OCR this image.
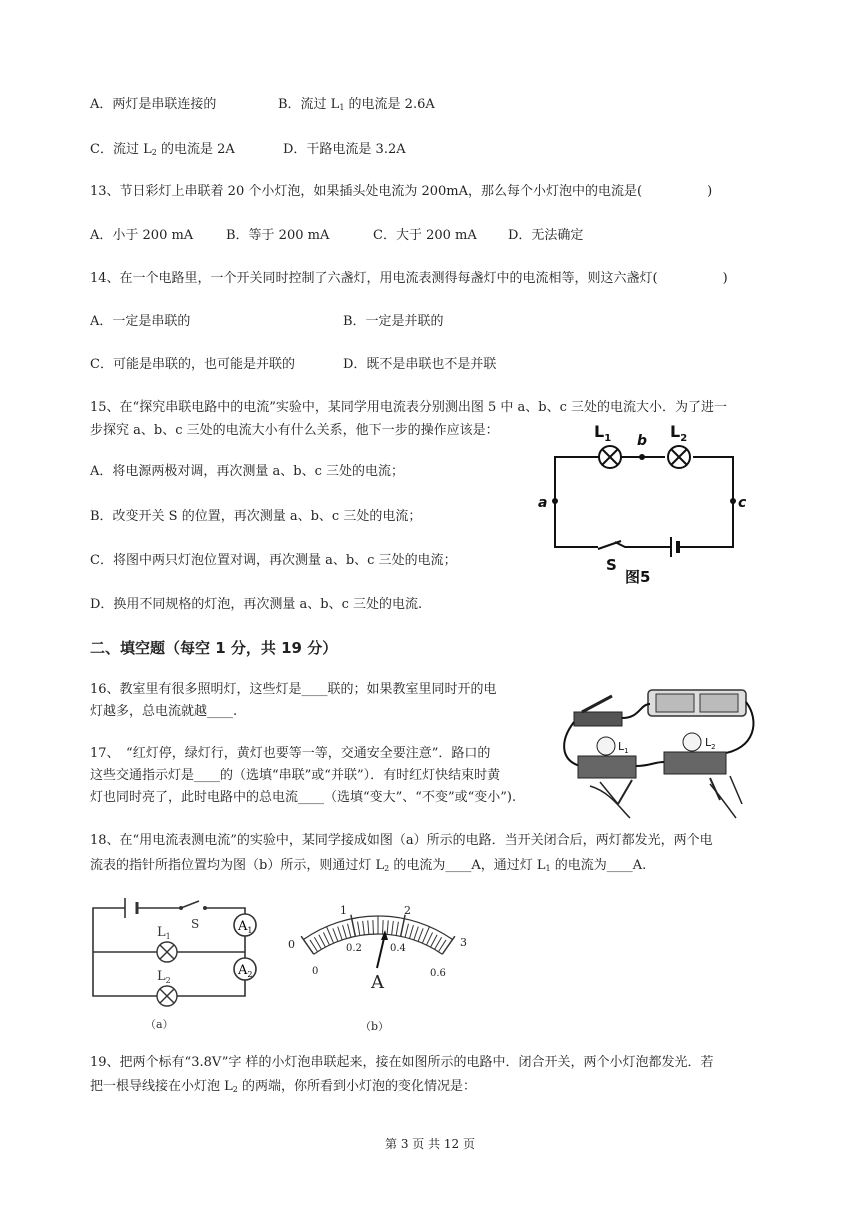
A．两灯是串联连接的	B．流过 $L_1$ 的电流是 2.6A
C．流过 $L_2$ 的电流是 2A	D．干路电流是 3.2A
13、节日彩灯上串联着 20 个小灯泡，如果插头处电流为 200mA，那么每个小灯泡中的电流是(　　　　　)
A．小于 200 mA	B．等于 200 mA	C．大于 200 mA D．无法确定
14、在一个电路里，一个开关同时控制了六盏灯，用电流表测得每盏灯中的电流相等，则这六盏灯(　　　　　)
A．一定是串联的	B．一定是并联的
C．可能是串联的，也可能是并联的	D．既不是串联也不是并联
15、在“探究串联电路中的电流”实验中，某同学用电流表分别测出图 5 中 a、b、c 三处的电流大小．为了进一
步探究 a、b、c 三处的电流大小有什么关系，他下一步的操作应该是：
A．将电源两极对调，再次测量 a、b、c 三处的电流；
B．改变开关 S 的位置，再次测量 a、b、c 三处的电流；
C．将图中两只灯泡位置对调，再次测量 a、b、c 三处的电流；
D．换用不同规格的灯泡，再次测量 a、b、c 三处的电流.
$L_1$	$L_2$
b
a	c
S
图5
二、填空题（每空 1 分，共 19 分）
16、教室里有很多照明灯，这些灯是____联的；如果教室里同时开的电
灯越多，总电流就越____.
17、　“红灯停，绿灯行，黄灯也要等一等，交通安全要注意”．路口的
这些交通指示灯是____的（选填“串联”或“并联”）．有时红灯快结束时黄
灯也同时亮了，此时电路中的总电流____（选填“变大”、“不变”或“变小”).
$L_1$
$L_2$
18、在“用电流表测电流”的实验中，某同学接成如图（a）所示的电路．当开关闭合后，两灯都发光，两个电
流表的指针所指位置均为图（b）所示，则通过灯 $L_2$ 的电流为____A，通过灯 $L_1$ 的电流为____A.
$A_1$
$A_2$
$L_1$
$L_2$
S
（a）
0
1	2
3
0
0.2	0.4
0.6
A
（b）
19、把两个标有“3.8V”字 样的小灯泡串联起来，接在如图所示的电路中．闭合开关，两个小灯泡都发光．若
把一根导线接在小灯泡 $L_2$ 的两端，你所看到小灯泡的变化情况是：
第 3 页 共 12 页
